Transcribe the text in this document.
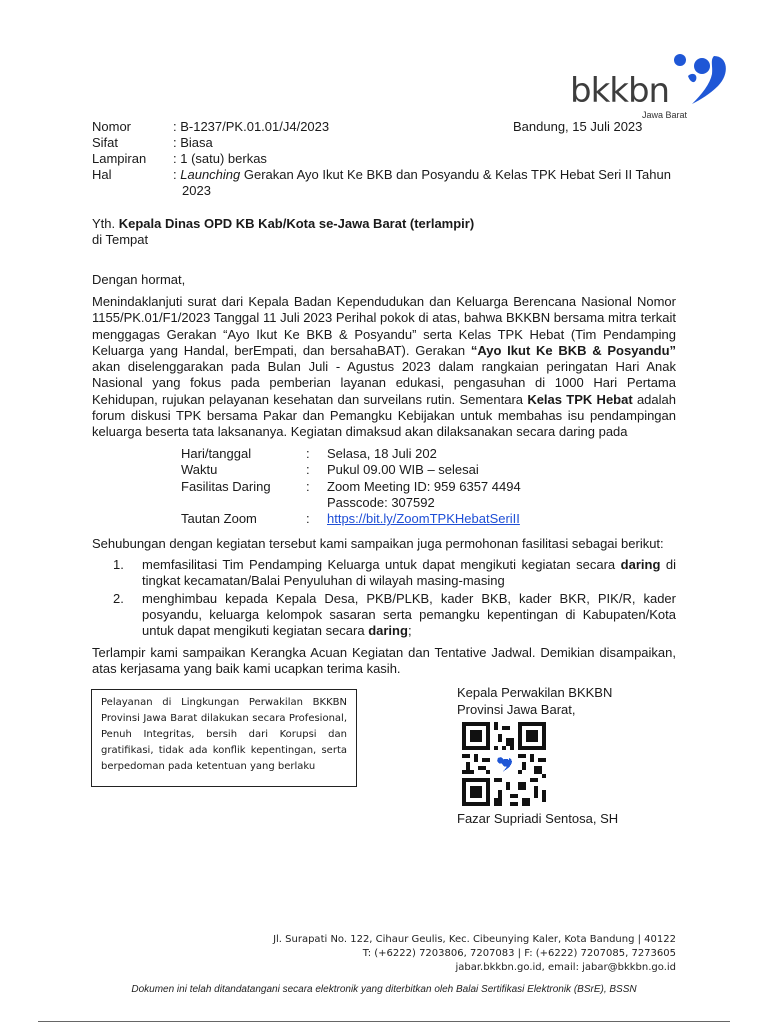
bkkbn
Jawa Barat
Bandung, 15 Juli 2023
Nomor	: B-1237/PK.01.01/J4/2023
Sifat	: Biasa
Lampiran	: 1 (satu) berkas
Hal	: Launching Gerakan Ayo Ikut Ke BKB dan Posyandu & Kelas TPK Hebat Seri II Tahun
2023
Yth. Kepala Dinas OPD KB Kab/Kota se-Jawa Barat (terlampir)
di Tempat
Dengan hormat,
Menindaklanjuti surat dari Kepala Badan Kependudukan dan Keluarga Berencana Nasional Nomor 1155/PK.01/F1/2023 Tanggal 11 Juli 2023 Perihal pokok di atas, bahwa BKKBN bersama mitra terkait menggagas Gerakan “Ayo Ikut Ke BKB & Posyandu” serta Kelas TPK Hebat (Tim Pendamping Keluarga yang Handal, berEmpati, dan bersahaBAT). Gerakan “Ayo Ikut Ke BKB & Posyandu” akan diselenggarakan pada Bulan Juli - Agustus 2023 dalam rangkaian peringatan Hari Anak Nasional yang fokus pada pemberian layanan edukasi, pengasuhan di 1000 Hari Pertama Kehidupan, rujukan pelayanan kesehatan dan surveilans rutin. Sementara Kelas TPK Hebat adalah forum diskusi TPK bersama Pakar dan Pemangku Kebijakan untuk membahas isu pendampingan keluarga beserta tata laksananya. Kegiatan dimaksud akan dilaksanakan secara daring pada
Hari/tanggal	:	Selasa, 18 Juli 202
Waktu	:	Pukul 09.00 WIB – selesai
Fasilitas Daring	:	Zoom Meeting ID: 959 6357 4494
Passcode: 307592
Tautan Zoom	:	https://bit.ly/ZoomTPKHebatSeriII
Sehubungan dengan kegiatan tersebut kami sampaikan juga permohonan fasilitasi sebagai berikut:
1.	memfasilitasi Tim Pendamping Keluarga untuk dapat mengikuti kegiatan secara daring di tingkat kecamatan/Balai Penyuluhan di wilayah masing-masing
2.	menghimbau kepada Kepala Desa, PKB/PLKB, kader BKB, kader BKR, PIK/R, kader posyandu, keluarga kelompok sasaran serta pemangku kepentingan di Kabupaten/Kota untuk dapat mengikuti kegiatan secara daring;
Terlampir kami sampaikan Kerangka Acuan Kegiatan dan Tentative Jadwal. Demikian disampaikan, atas kerjasama yang baik kami ucapkan terima kasih.
Pelayanan di Lingkungan Perwakilan BKKBN Provinsi Jawa Barat dilakukan secara Profesional, Penuh Integritas, bersih dari Korupsi dan gratifikasi, tidak ada konflik kepentingan, serta berpedoman pada ketentuan yang berlaku
Kepala Perwakilan BKKBN
Provinsi Jawa Barat,
Fazar Supriadi Sentosa, SH
Jl. Surapati No. 122, Cihaur Geulis, Kec. Cibeunying Kaler, Kota Bandung | 40122
T: (+6222) 7203806, 7207083 | F: (+6222) 7207085, 7273605
jabar.bkkbn.go.id, email: jabar@bkkbn.go.id
Dokumen ini telah ditandatangani secara elektronik yang diterbitkan oleh Balai Sertifikasi Elektronik (BSrE), BSSN
